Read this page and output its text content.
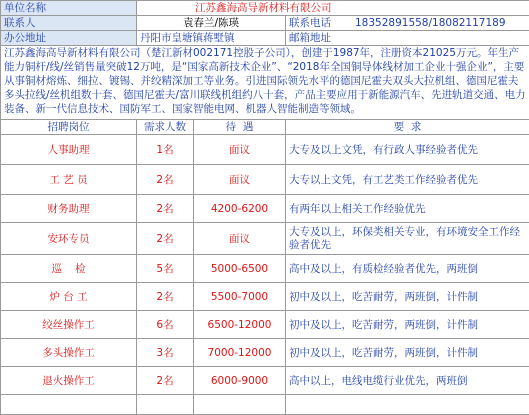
单位名称	江苏鑫海高导新材料有限公司		
联系人	袁春兰/陈瑛		联系电话 18352891558/18082117189
办公地址	丹阳市皇塘镇蒋墅镇		邮箱地址
江苏鑫海高导新材料有限公司（楚江新材002171控股子公司），创建于1987年，注册资本21025万元。年生产能力铜杆/线/丝销售量突破12万吨，是“国家高新技术企业”、“2018年全国铜导体线材加工企业十强企业”，主要从事铜材熔炼、细拉、镀锡、并绞精深加工等业务。引进国际领先水平的德国尼霍夫双头大拉机组、德国尼霍夫多头拉线/丝机组数十套、德国尼霍夫/富川联线机组约八十套，产品主要应用于新能源汽车、先进轨道交通、电力装备、新一代信息技术、国防军工、国家智能电网、机器人智能制造等领域。			
招聘岗位	需求人数	待  遇	要  求
人事助理	1名	面议	大专及以上文凭，有行政人事经验者优先
工 艺 员	2名	面议	大专以上文凭，有工艺类工作经验者优先
财务助理	2名	4200-6200	有两年以上相关工作经验优先
安环专员	2名	面议	大专及以上，环保类相关专业，有环境安全工作经验者优先
巡    检	5名	5000-6500	高中及以上，有质检经验者优先，两班倒
炉 台 工	2名	5500-7000	初中及以上，吃苦耐劳，两班倒，计件制
绞丝操作工	6名	6500-12000	初中及以上，吃苦耐劳，两班倒，计件制
多头操作工	3名	7000-12000	初中及以上，吃苦耐劳，两班倒，计件制
退火操作工	2名	6000-9000	高中以上，电线电缆行业优先，两班倒
